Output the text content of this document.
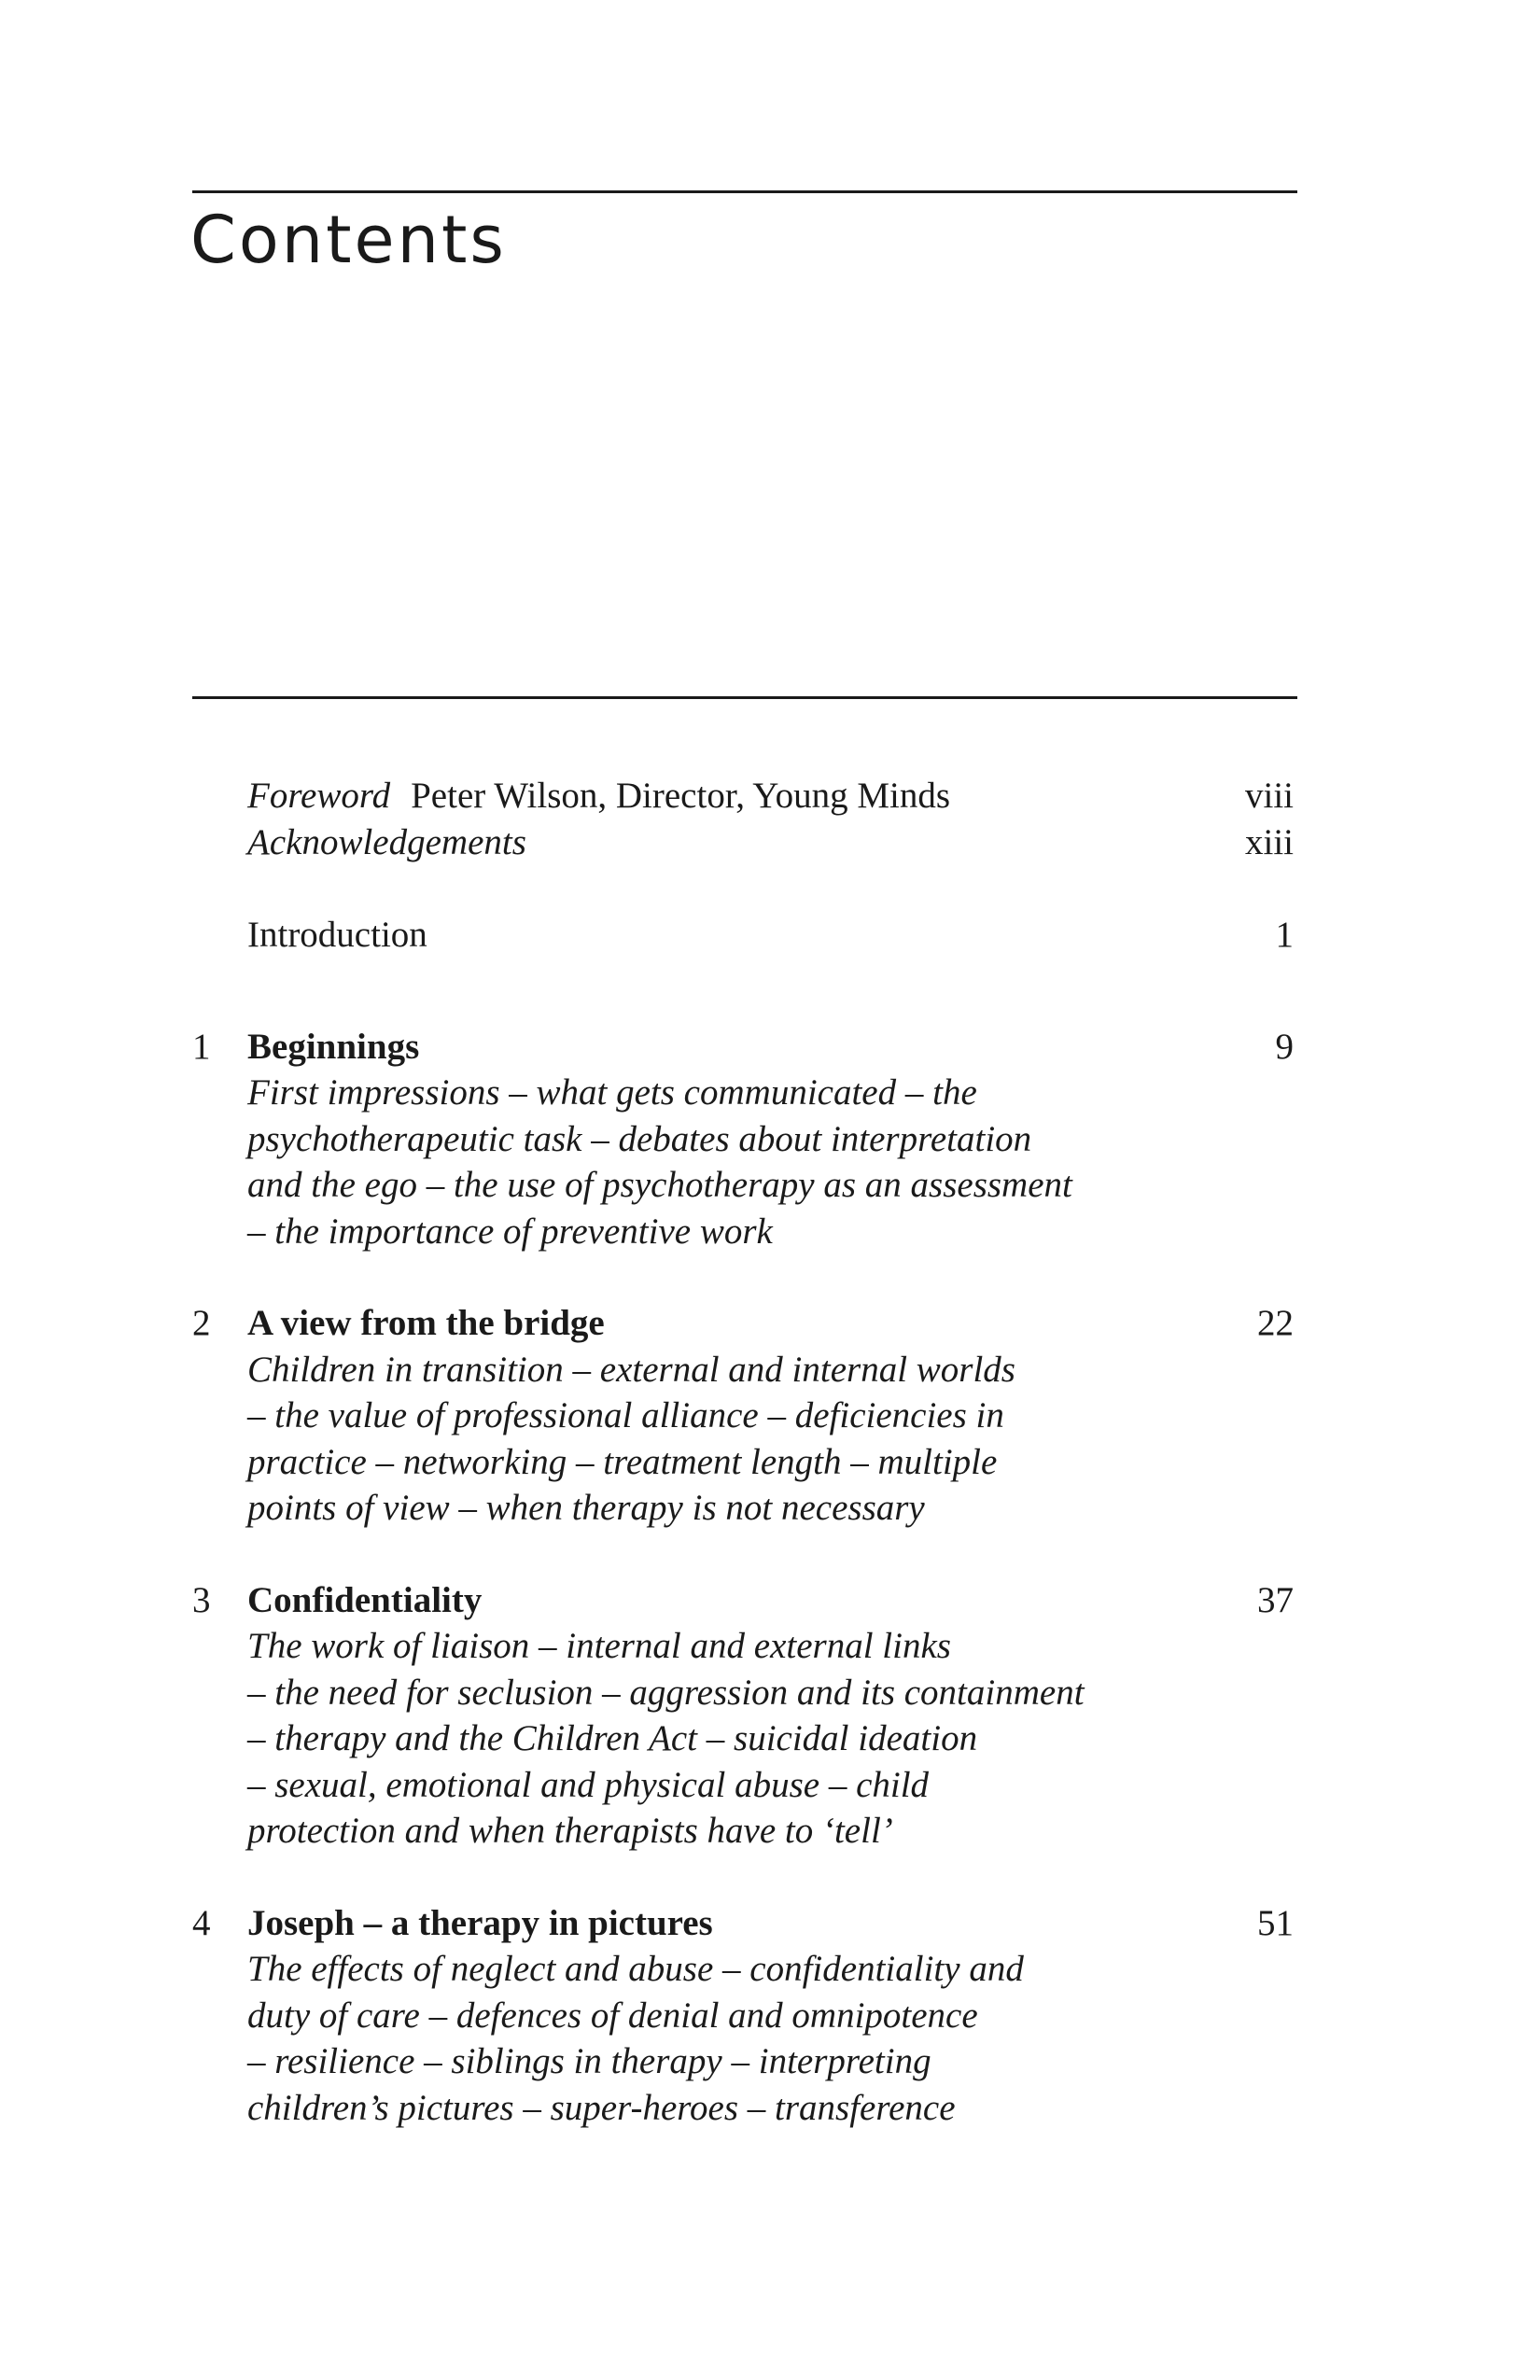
Contents
Foreword Peter Wilson, Director, Young Minds	viii
Acknowledgements	xiii
Introduction	1
1	Beginnings	9
First impressions – what gets communicated – the
psychotherapeutic task – debates about interpretation
and the ego – the use of psychotherapy as an assessment
– the importance of preventive work
2	A view from the bridge	22
Children in transition – external and internal worlds
– the value of professional alliance – deficiencies in
practice – networking – treatment length – multiple
points of view – when therapy is not necessary
3	Confidentiality	37
The work of liaison – internal and external links
– the need for seclusion – aggression and its containment
– therapy and the Children Act – suicidal ideation
– sexual, emotional and physical abuse – child
protection and when therapists have to ‘tell’
4	Joseph – a therapy in pictures	51
The effects of neglect and abuse – confidentiality and
duty of care – defences of denial and omnipotence
– resilience – siblings in therapy – interpreting
children’s pictures – super-heroes – transference
